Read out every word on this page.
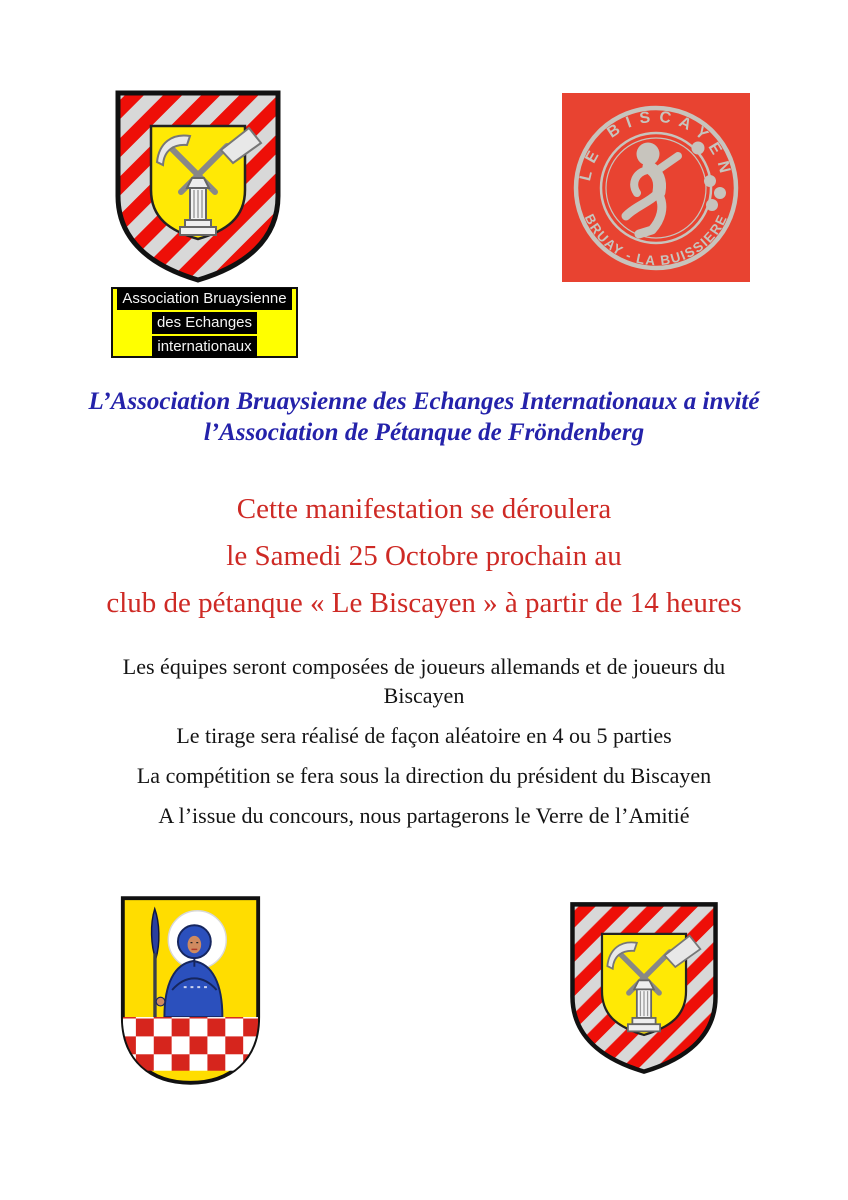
Association Bruaysienne
des Echanges
internationaux
LE BISCAYEN
BRUAY - LA BUISSIERE
L’Association Bruaysienne des Echanges Internationaux a invité
l’Association de Pétanque de Fröndenberg
Cette manifestation se déroulera
le Samedi 25 Octobre prochain au
club de pétanque « Le Biscayen » à partir de 14 heures

Les équipes seront composées de joueurs allemands et de joueurs du Biscayen

Le tirage sera réalisé de façon aléatoire en 4 ou 5 parties

La compétition se fera sous la direction du président du Biscayen

A l’issue du concours, nous partagerons le Verre de l’Amitié
